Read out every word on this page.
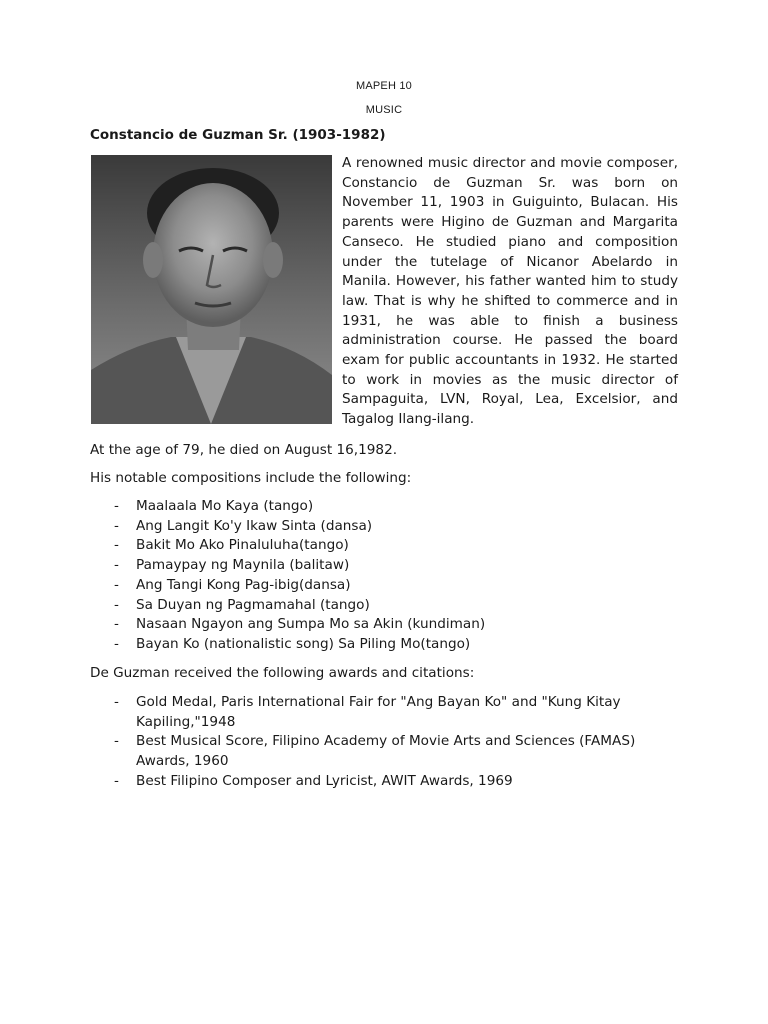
MAPEH 10
MUSIC
Constancio de Guzman Sr. (1903-1982)
A renowned music director and movie composer, Constancio de Guzman Sr. was born on November 11, 1903 in Guiguinto, Bulacan. His parents were Higino de Guzman and Margarita Canseco. He studied piano and composition under the tutelage of Nicanor Abelardo in Manila. However, his father wanted him to study law. That is why he shifted to commerce and in 1931, he was able to finish a business administration course. He passed the board exam for public accountants in 1932. He started to work in movies as the music director of Sampaguita, LVN, Royal, Lea, Excelsior, and Tagalog Ilang-ilang.
At the age of 79, he died on August 16,1982.
His notable compositions include the following:
- Maalaala Mo Kaya (tango)
- Ang Langit Ko'y Ikaw Sinta (dansa)
- Bakit Mo Ako Pinaluluha(tango)
- Pamaypay ng Maynila (balitaw)
- Ang Tangi Kong Pag-ibig(dansa)
- Sa Duyan ng Pagmamahal (tango)
- Nasaan Ngayon ang Sumpa Mo sa Akin (kundiman)
- Bayan Ko (nationalistic song) Sa Piling Mo(tango)
De Guzman received the following awards and citations:
- Gold Medal, Paris International Fair for "Ang Bayan Ko" and "Kung Kitay Kapiling,"1948
- Best Musical Score, Filipino Academy of Movie Arts and Sciences (FAMAS) Awards, 1960
- Best Filipino Composer and Lyricist, AWIT Awards, 1969
